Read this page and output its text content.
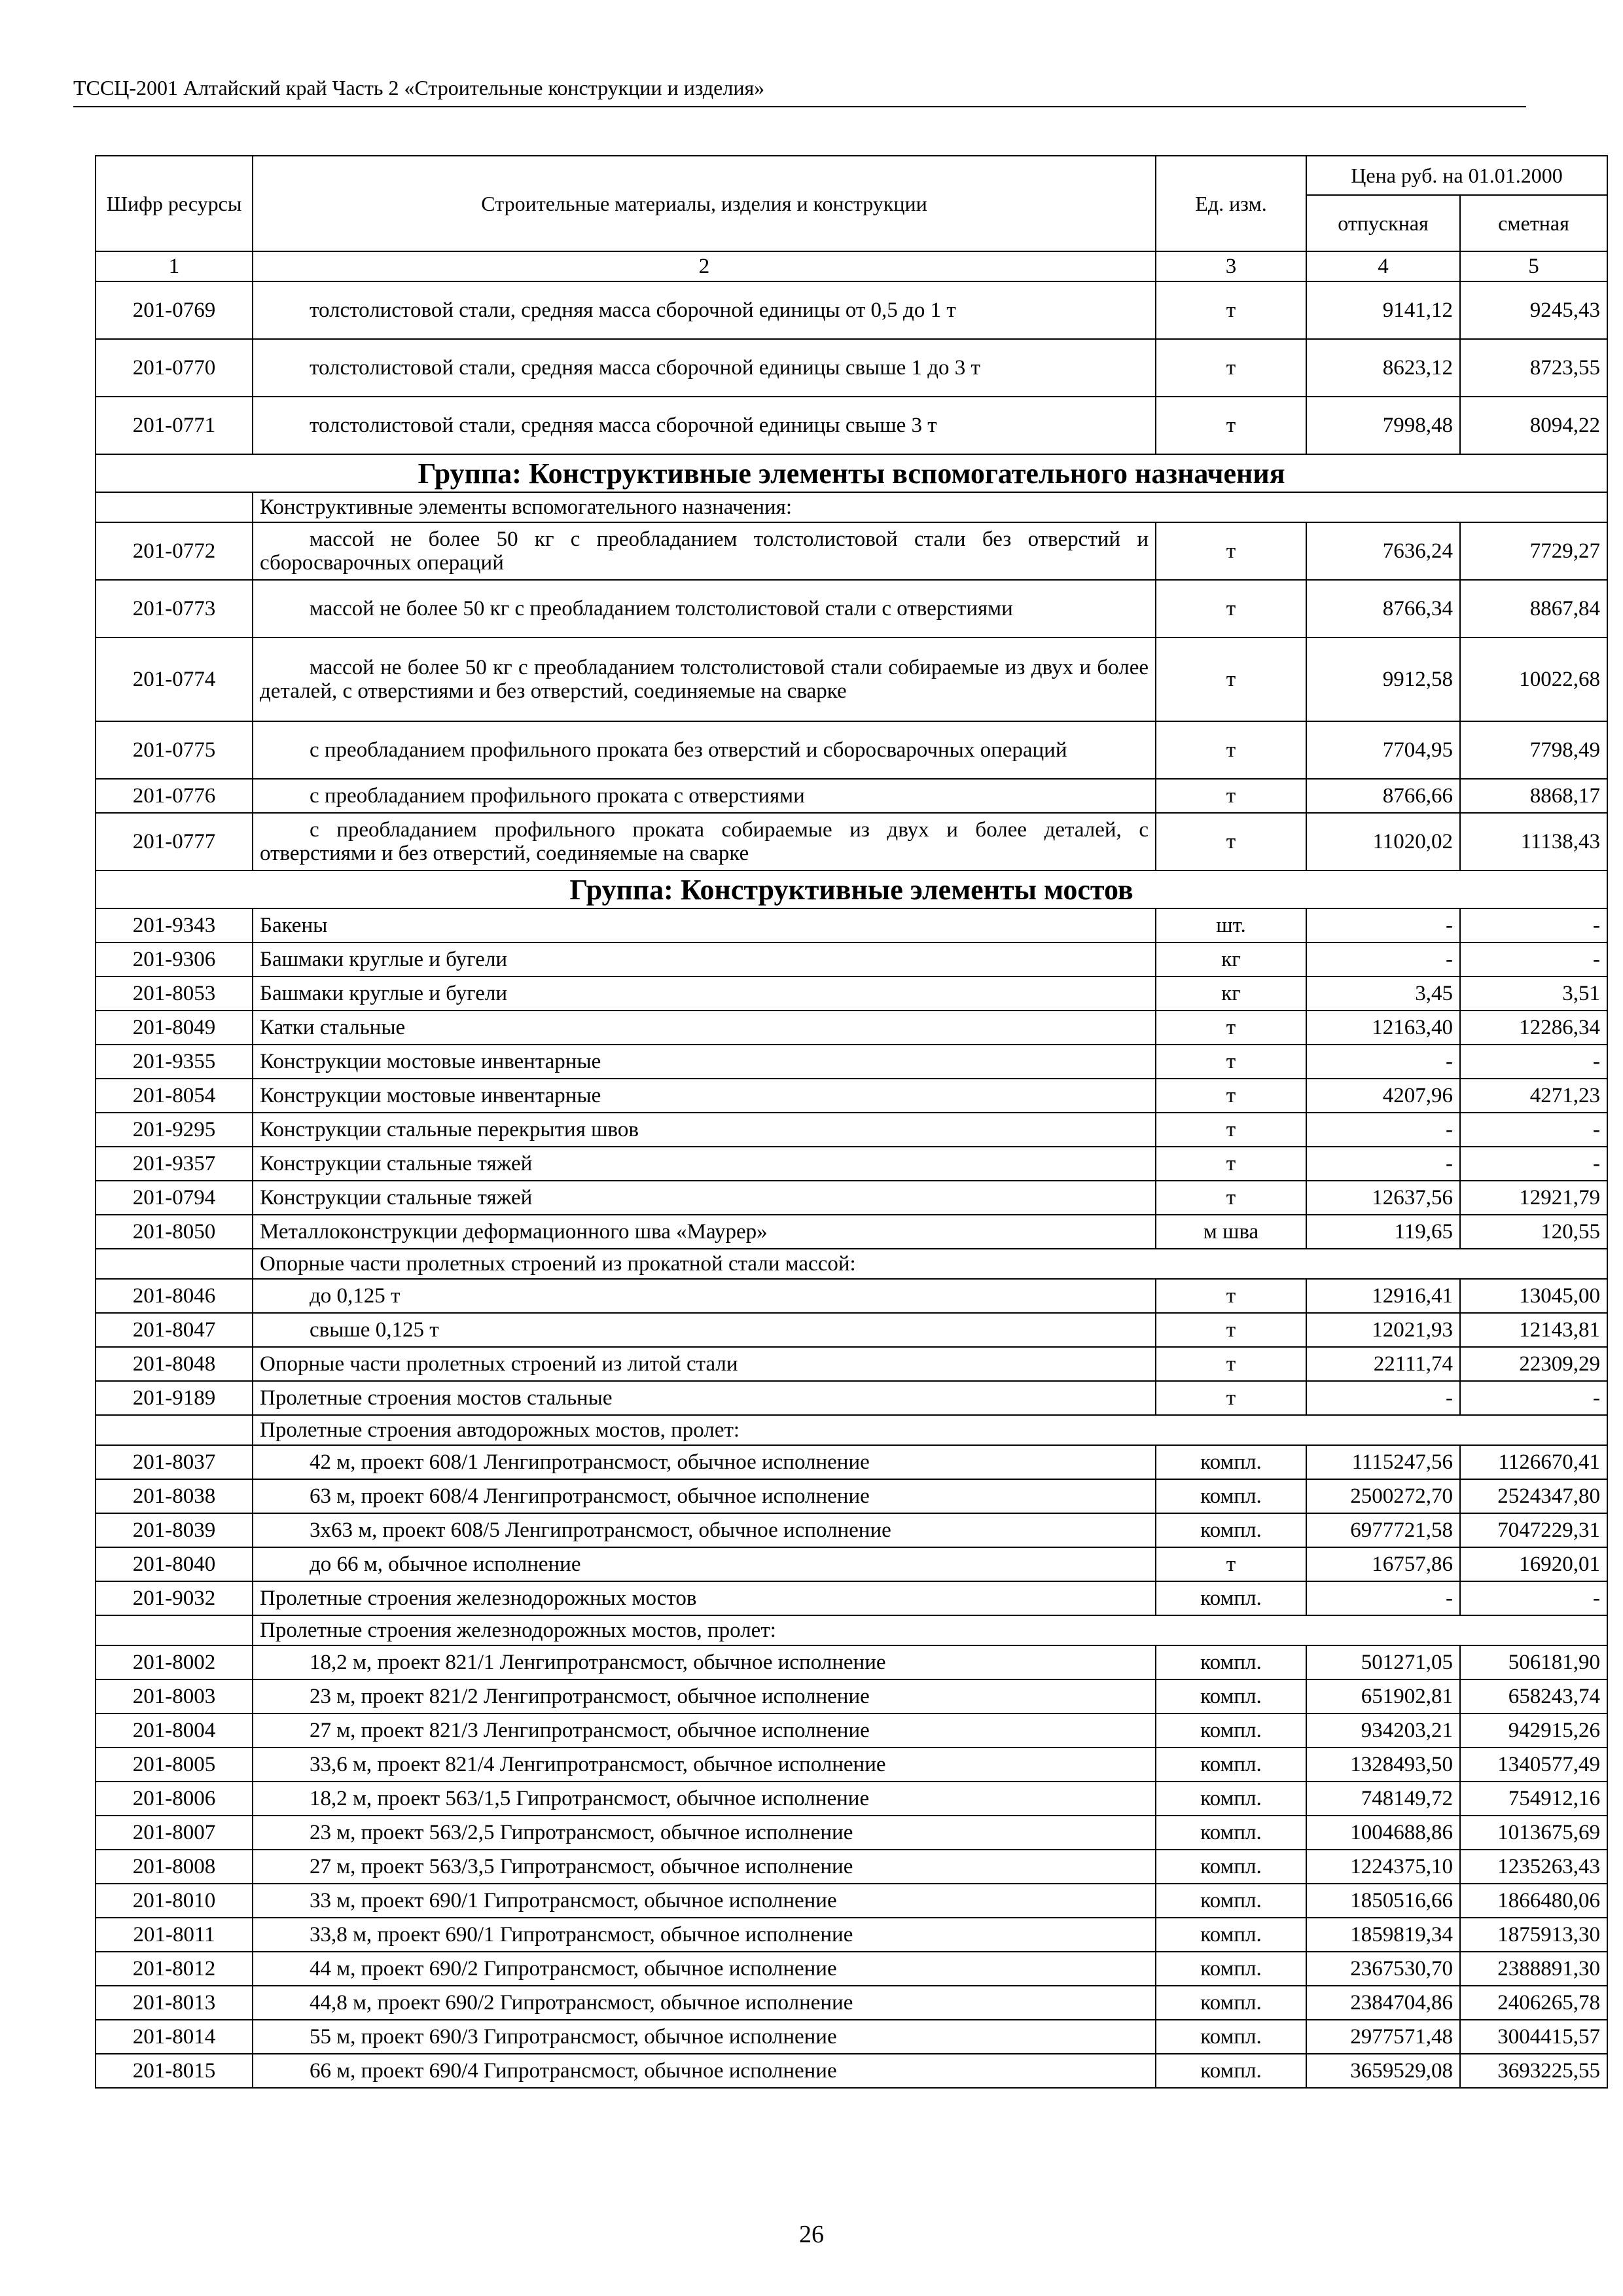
ТССЦ-2001 Алтайский край Часть 2 «Строительные конструкции и изделия»
Шифр ресурсы	Строительные материалы, изделия и конструкции	Ед. изм.	Цена руб. на 01.01.2000	
			отпускная	сметная
1	2	3	4	5
201-0769	толстолистовой стали, средняя масса сборочной единицы от 0,5 до 1 т	т	9141,12	9245,43
201-0770	толстолистовой стали, средняя масса сборочной единицы свыше 1 до 3 т	т	8623,12	8723,55
201-0771	толстолистовой стали, средняя масса сборочной единицы свыше 3 т	т	7998,48	8094,22
Группа: Конструктивные элементы вспомогательного назначения				
	Конструктивные элементы вспомогательного назначения:			
201-0772	массой не более 50 кг с преобладанием толстолистовой стали без отверстий и сборосварочных операций	т	7636,24	7729,27
201-0773	массой не более 50 кг с преобладанием толстолистовой стали с отверстиями	т	8766,34	8867,84
201-0774	массой не более 50 кг с преобладанием толстолистовой стали собираемые из двух и более деталей, с отверстиями и без отверстий, соединяемые на сварке	т	9912,58	10022,68
201-0775	с преобладанием профильного проката без отверстий и сборосварочных операций	т	7704,95	7798,49
201-0776	с преобладанием профильного проката с отверстиями	т	8766,66	8868,17
201-0777	с преобладанием профильного проката собираемые из двух и более деталей, с отверстиями и без отверстий, соединяемые на сварке	т	11020,02	11138,43
Группа: Конструктивные элементы мостов				
201-9343	Бакены	шт.	-	-
201-9306	Башмаки круглые и бугели	кг	-	-
201-8053	Башмаки круглые и бугели	кг	3,45	3,51
201-8049	Катки стальные	т	12163,40	12286,34
201-9355	Конструкции мостовые инвентарные	т	-	-
201-8054	Конструкции мостовые инвентарные	т	4207,96	4271,23
201-9295	Конструкции стальные перекрытия швов	т	-	-
201-9357	Конструкции стальные тяжей	т	-	-
201-0794	Конструкции стальные тяжей	т	12637,56	12921,79
201-8050	Металлоконструкции деформационного шва «Маурер»	м шва	119,65	120,55
	Опорные части пролетных строений из прокатной стали массой:			
201-8046	до 0,125 т	т	12916,41	13045,00
201-8047	свыше 0,125 т	т	12021,93	12143,81
201-8048	Опорные части пролетных строений из литой стали	т	22111,74	22309,29
201-9189	Пролетные строения мостов стальные	т	-	-
	Пролетные строения автодорожных мостов, пролет:			
201-8037	42 м, проект 608/1 Ленгипротрансмост, обычное исполнение	компл.	1115247,56	1126670,41
201-8038	63 м, проект 608/4 Ленгипротрансмост, обычное исполнение	компл.	2500272,70	2524347,80
201-8039	3х63 м, проект 608/5 Ленгипротрансмост, обычное исполнение	компл.	6977721,58	7047229,31
201-8040	до 66 м, обычное исполнение	т	16757,86	16920,01
201-9032	Пролетные строения железнодорожных мостов	компл.	-	-
	Пролетные строения железнодорожных мостов, пролет:			
201-8002	18,2 м, проект 821/1 Ленгипротрансмост, обычное исполнение	компл.	501271,05	506181,90
201-8003	23 м, проект 821/2 Ленгипротрансмост, обычное исполнение	компл.	651902,81	658243,74
201-8004	27 м, проект 821/3 Ленгипротрансмост, обычное исполнение	компл.	934203,21	942915,26
201-8005	33,6 м, проект 821/4 Ленгипротрансмост, обычное исполнение	компл.	1328493,50	1340577,49
201-8006	18,2 м, проект 563/1,5 Гипротрансмост, обычное исполнение	компл.	748149,72	754912,16
201-8007	23 м, проект 563/2,5 Гипротрансмост, обычное исполнение	компл.	1004688,86	1013675,69
201-8008	27 м, проект 563/3,5 Гипротрансмост, обычное исполнение	компл.	1224375,10	1235263,43
201-8010	33 м, проект 690/1 Гипротрансмост, обычное исполнение	компл.	1850516,66	1866480,06
201-8011	33,8 м, проект 690/1 Гипротрансмост, обычное исполнение	компл.	1859819,34	1875913,30
201-8012	44 м, проект 690/2 Гипротрансмост, обычное исполнение	компл.	2367530,70	2388891,30
201-8013	44,8 м, проект 690/2 Гипротрансмост, обычное исполнение	компл.	2384704,86	2406265,78
201-8014	55 м, проект 690/3 Гипротрансмост, обычное исполнение	компл.	2977571,48	3004415,57
201-8015	66 м, проект 690/4 Гипротрансмост, обычное исполнение	компл.	3659529,08	3693225,55
26
